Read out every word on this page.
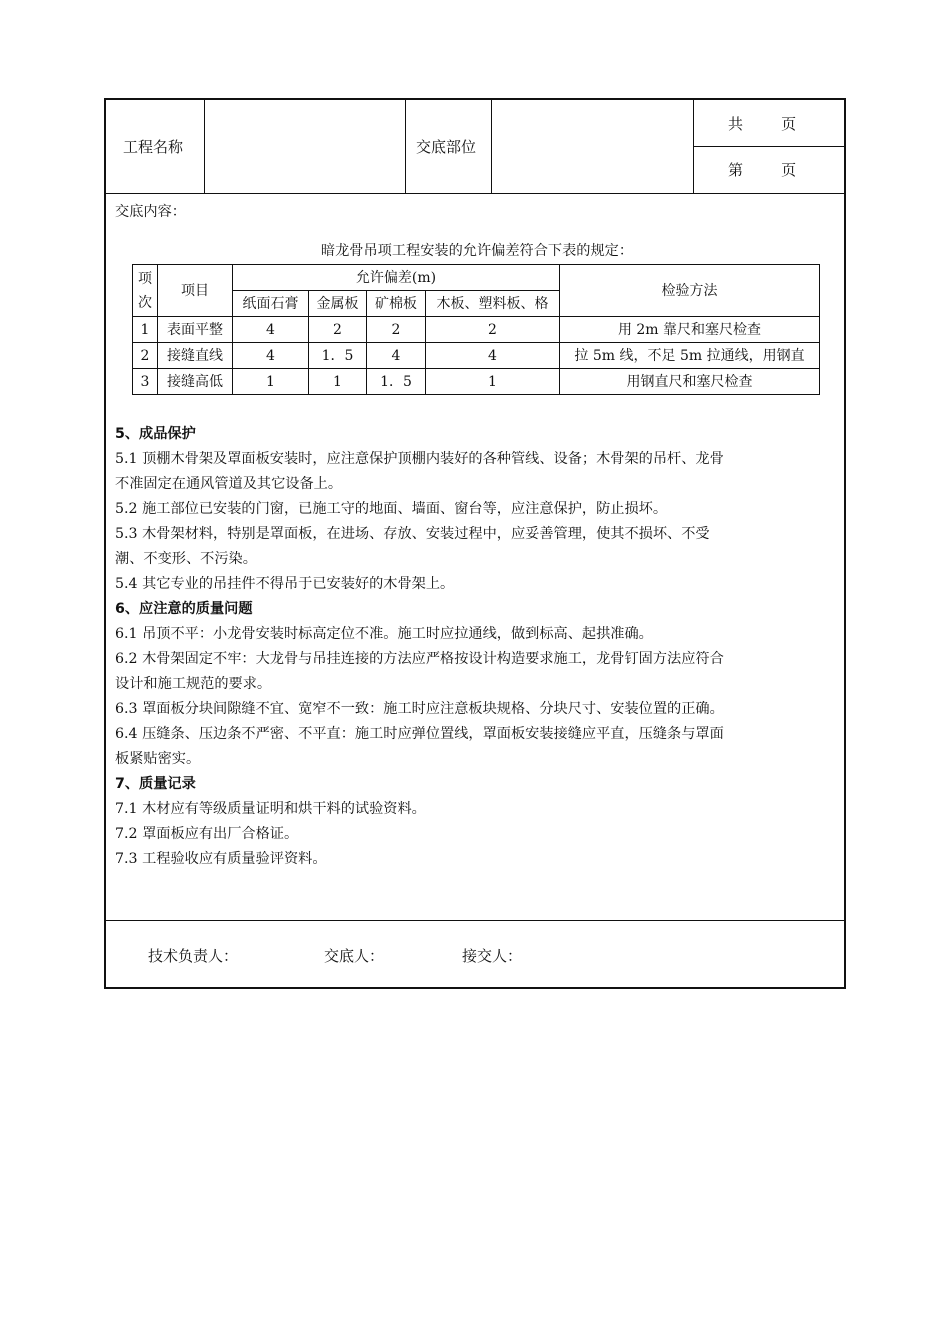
工程名称	交底部位
共        页
第        页

交底内容：

暗龙骨吊项工程安装的允许偏差符合下表的规定：

项次	项目	允许偏差(m)				检验方法
		纸面石膏	金属板	矿棉板	木板、塑料板、格	
1	表面平整	4	2	2	2	用 2m 靠尺和塞尺检查
2	接缝直线	4	1．5	4	4	拉 5m 线，不足 5m 拉通线，用钢直
3	接缝高低	1	1	1．5	1	用钢直尺和塞尺检查

5、成品保护

5.1 顶棚木骨架及罩面板安装时，应注意保护顶棚内装好的各种管线、设备；木骨架的吊杆、龙骨

不准固定在通风管道及其它设备上。

5.2 施工部位已安装的门窗，已施工守的地面、墙面、窗台等，应注意保护，防止损坏。

5.3 木骨架材料，特别是罩面板，在进场、存放、安装过程中，应妥善管理，使其不损坏、不受

潮、不变形、不污染。

5.4 其它专业的吊挂件不得吊于已安装好的木骨架上。

6、应注意的质量问题

6.1 吊顶不平：小龙骨安装时标高定位不准。施工时应拉通线，做到标高、起拱准确。

6.2 木骨架固定不牢：大龙骨与吊挂连接的方法应严格按设计构造要求施工，龙骨钉固方法应符合

设计和施工规范的要求。

6.3 罩面板分块间隙缝不宜、宽窄不一致：施工时应注意板块规格、分块尺寸、安装位置的正确。

6.4 压缝条、压边条不严密、不平直：施工时应弹位置线，罩面板安装接缝应平直，压缝条与罩面

板紧贴密实。

7、质量记录

7.1 木材应有等级质量证明和烘干料的试验资料。

7.2 罩面板应有出厂合格证。

7.3 工程验收应有质量验评资料。

技术负责人：	交底人：	接交人：
